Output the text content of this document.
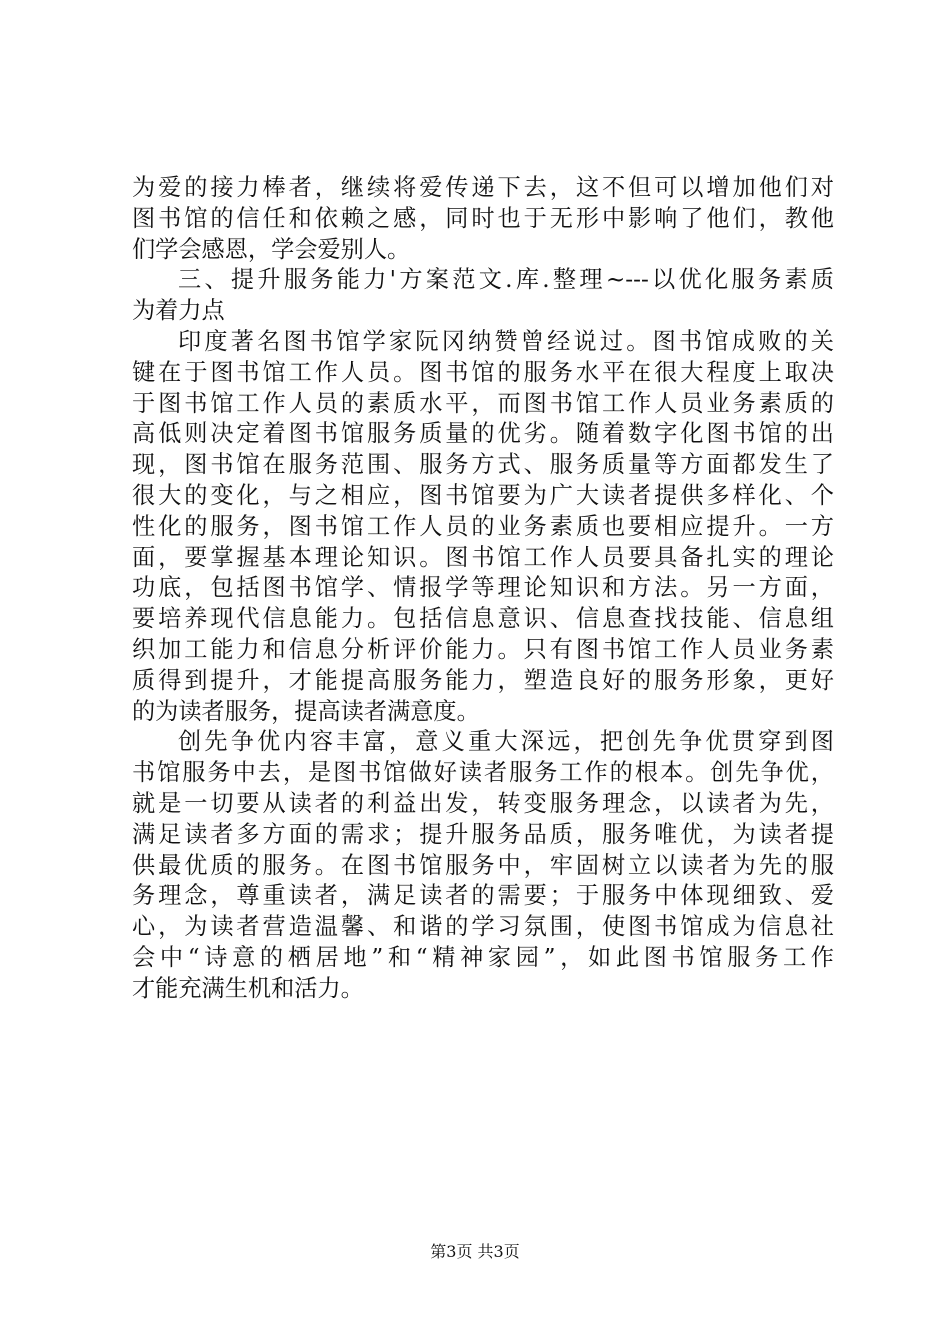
为爱的接力棒者，继续将爱传递下去，这不但可以增加他们对
图书馆的信任和依赖之感，同时也于无形中影响了他们，教他
们学会感恩，学会爱别人。
三、提升服务能力'方案范文.库.整理~---以优化服务素质
为着力点
印度著名图书馆学家阮冈纳赞曾经说过。图书馆成败的关
键在于图书馆工作人员。图书馆的服务水平在很大程度上取决
于图书馆工作人员的素质水平，而图书馆工作人员业务素质的
高低则决定着图书馆服务质量的优劣。随着数字化图书馆的出
现，图书馆在服务范围、服务方式、服务质量等方面都发生了
很大的变化，与之相应，图书馆要为广大读者提供多样化、个
性化的服务，图书馆工作人员的业务素质也要相应提升。一方
面，要掌握基本理论知识。图书馆工作人员要具备扎实的理论
功底，包括图书馆学、情报学等理论知识和方法。另一方面，
要培养现代信息能力。包括信息意识、信息查找技能、信息组
织加工能力和信息分析评价能力。只有图书馆工作人员业务素
质得到提升，才能提高服务能力，塑造良好的服务形象，更好
的为读者服务，提高读者满意度。
创先争优内容丰富，意义重大深远，把创先争优贯穿到图
书馆服务中去，是图书馆做好读者服务工作的根本。创先争优，
就是一切要从读者的利益出发，转变服务理念，以读者为先，
满足读者多方面的需求；提升服务品质，服务唯优，为读者提
供最优质的服务。在图书馆服务中，牢固树立以读者为先的服
务理念，尊重读者，满足读者的需要；于服务中体现细致、爱
心，为读者营造温馨、和谐的学习氛围，使图书馆成为信息社
会中“诗意的栖居地”和“精神家园”，如此图书馆服务工作
才能充满生机和活力。
第3页 共3页
